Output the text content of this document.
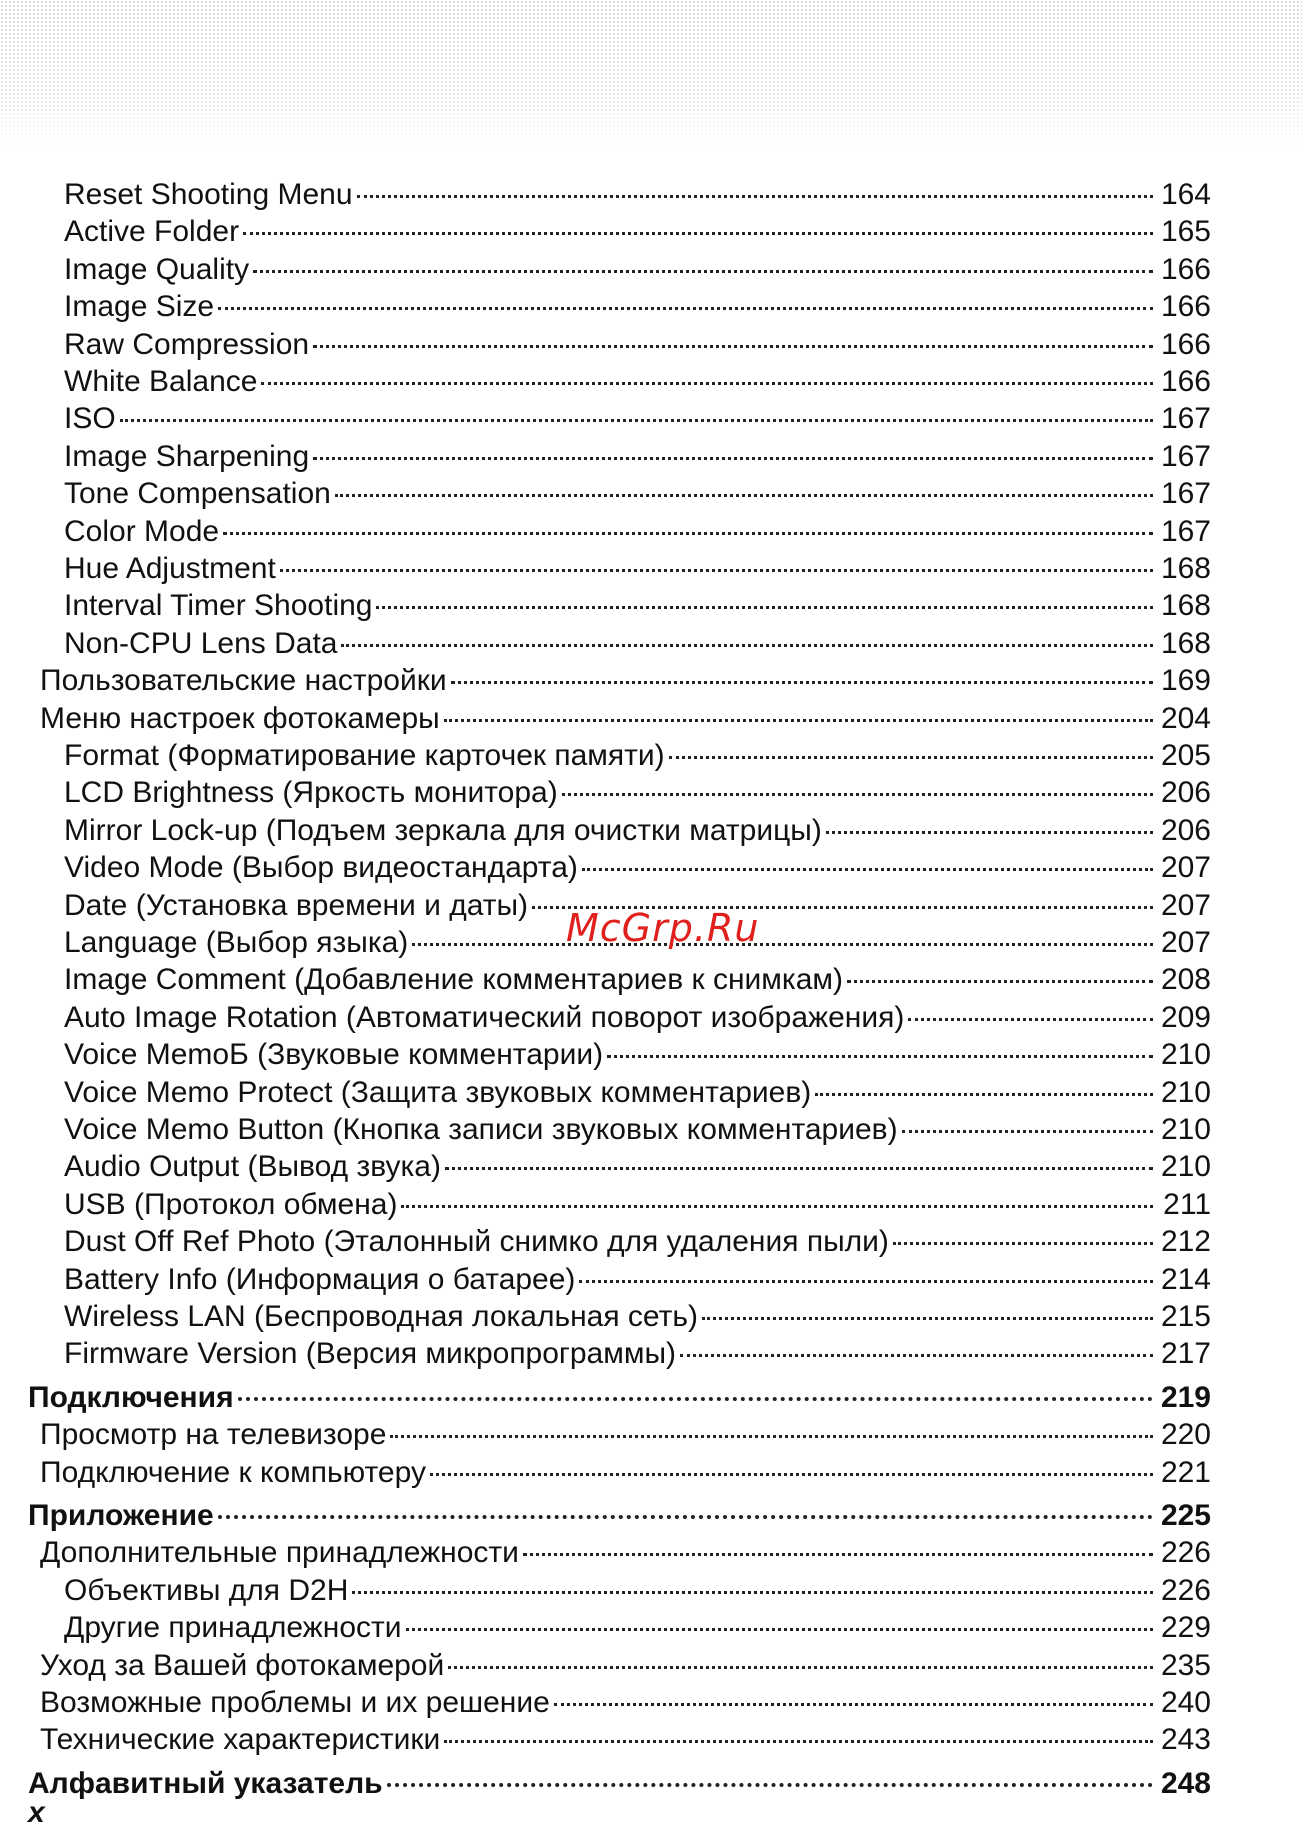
Reset Shooting Menu	164
Active Folder	165
Image Quality	166
Image Size	166
Raw Compression	166
White Balance	166
ISO	167
Image Sharpening	167
Tone Compensation	167
Color Mode	167
Hue Adjustment	168
Interval Timer Shooting	168
Non-CPU Lens Data	168
Пользовательские настройки	169
Меню настроек фотокамеры	204
Format (Форматирование карточек памяти)	205
LCD Brightness (Яркость монитора)	206
Mirror Lock-up (Подъем зеркала для очистки матрицы)	206
Video Mode (Выбор видеостандарта)	207
Date (Установка времени и даты)	207
Language (Выбор языка)	207
Image Comment (Добавление комментариев к снимкам)	208
Auto Image Rotation (Автоматический поворот изображения)	209
Voice MemoБ (Звуковые комментарии)	210
Voice Memo Protect (Защита звуковых комментариев)	210
Voice Memo Button (Кнопка записи звуковых комментариев)	210
Audio Output (Вывод звука)	210
USB (Протокол обмена)	211
Dust Off Ref Photo (Эталонный снимко для удаления пыли)	212
Battery Info (Информация о батарее)	214
Wireless LAN (Беспроводная локальная сеть)	215
Firmware Version (Версия микропрограммы)	217
Подключения	219
Просмотр на телевизоре	220
Подключение к компьютеру	221
Приложение	225
Дополнительные принадлежности	226
Объективы для D2H	226
Другие принадлежности	229
Уход за Вашей фотокамерой	235
Возможные проблемы и их решение	240
Технические характеристики	243
Алфавитный указатель	248
McGrp.Ru
x
